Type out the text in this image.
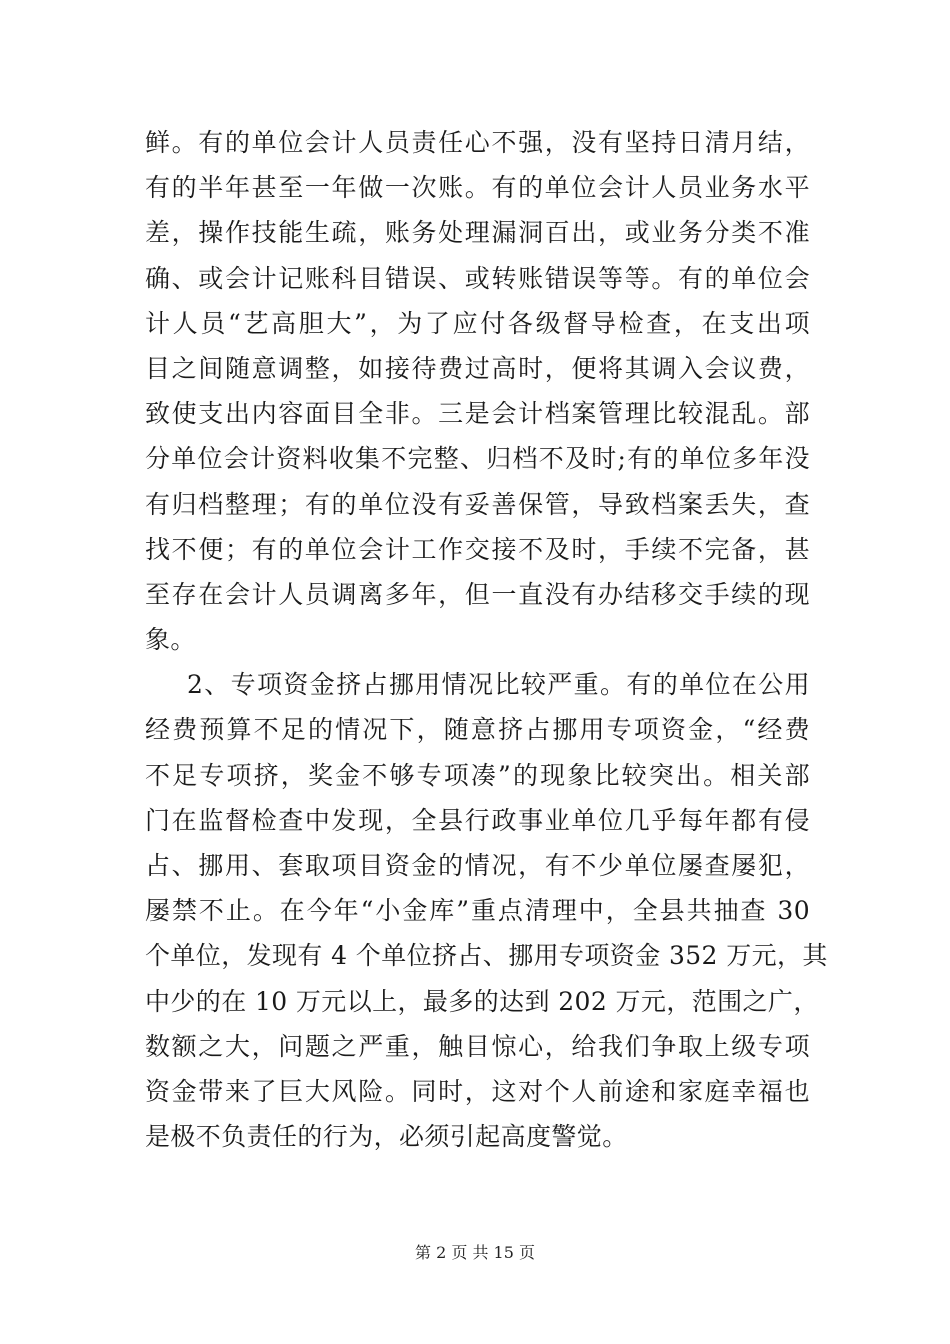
鲜。有的单位会计人员责任心不强，没有坚持日清月结，
有的半年甚至一年做一次账。有的单位会计人员业务水平
差，操作技能生疏，账务处理漏洞百出，或业务分类不准
确、或会计记账科目错误、或转账错误等等。有的单位会
计人员“艺高胆大”，为了应付各级督导检查，在支出项
目之间随意调整，如接待费过高时，便将其调入会议费，
致使支出内容面目全非。三是会计档案管理比较混乱。部
分单位会计资料收集不完整、归档不及时;有的单位多年没
有归档整理；有的单位没有妥善保管，导致档案丢失，查
找不便；有的单位会计工作交接不及时，手续不完备，甚
至存在会计人员调离多年，但一直没有办结移交手续的现
象。
2、专项资金挤占挪用情况比较严重。有的单位在公用
经费预算不足的情况下，随意挤占挪用专项资金，“经费
不足专项挤，奖金不够专项凑”的现象比较突出。相关部
门在监督检查中发现，全县行政事业单位几乎每年都有侵
占、挪用、套取项目资金的情况，有不少单位屡查屡犯，
屡禁不止。在今年“小金库”重点清理中，全县共抽查 30
个单位，发现有 4 个单位挤占、挪用专项资金 352 万元，其
中少的在 10 万元以上，最多的达到 202 万元，范围之广，
数额之大，问题之严重，触目惊心，给我们争取上级专项
资金带来了巨大风险。同时，这对个人前途和家庭幸福也
是极不负责任的行为，必须引起高度警觉。
第 2 页 共 15 页
